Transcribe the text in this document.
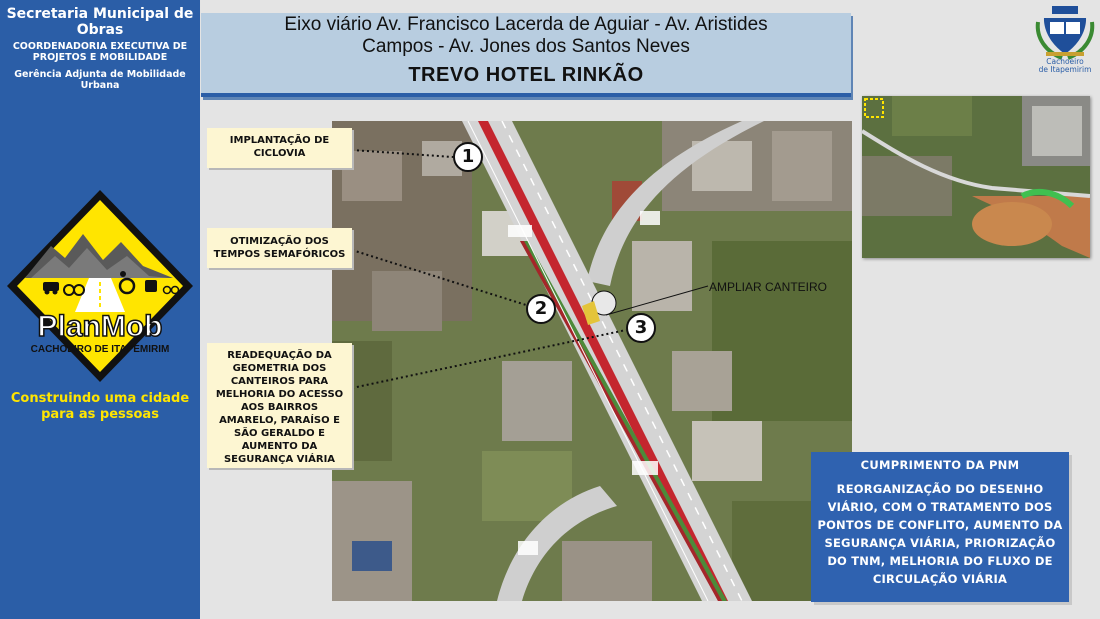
Secretaria Municipal de Obras
COORDENADORIA EXECUTIVA DE PROJETOS E MOBILIDADE
Gerência Adjunta de Mobilidade Urbana
PlanMob
CACHOEIRO DE ITAPEMIRIM
Construindo uma cidade
para as pessoas
Eixo viário Av. Francisco Lacerda de Aguiar - Av. Aristides
Campos - Av. Jones dos Santos Neves
TREVO HOTEL RINKÃO
Cachoeiro
de Itapemirim
IMPLANTAÇÃO DE CICLOVIA
OTIMIZAÇÃO DOS TEMPOS SEMAFÓRICOS
READEQUAÇÃO DA GEOMETRIA DOS CANTEIROS PARA MELHORIA DO ACESSO AOS BAIRROS AMARELO, PARAÍSO E SÃO GERALDO E AUMENTO DA SEGURANÇA VIÁRIA
1
2
3
AMPLIAR CANTEIRO
CUMPRIMENTO DA PNM
REORGANIZAÇÃO DO DESENHO VIÁRIO, COM O TRATAMENTO DOS PONTOS DE CONFLITO, AUMENTO DA SEGURANÇA VIÁRIA, PRIORIZAÇÃO DO TNM, MELHORIA DO FLUXO DE CIRCULAÇÃO VIÁRIA
